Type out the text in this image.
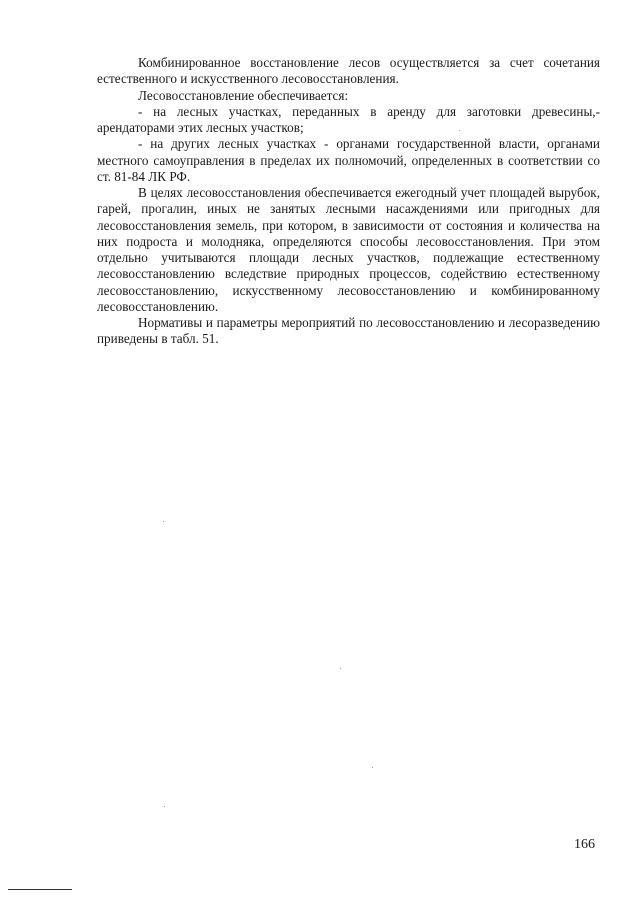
Комбинированное восстановление лесов осуществляется за счет сочетания естественного и искусственного лесовосстановления.

Лесовосстановление обеспечивается:

- на лесных участках, переданных в аренду для заготовки древесины,- арендаторами этих лесных участков;

- на других лесных участках - органами государственной власти, органами местного самоуправления в пределах их полномочий, определенных в соответствии со ст. 81-84 ЛК РФ.

В целях лесовосстановления обеспечивается ежегодный учет площадей вырубок, гарей, прогалин, иных не занятых лесными насаждениями или пригодных для лесовосстановления земель, при котором, в зависимости от состояния и количества на них подроста и молодняка, определяются способы лесовосстановления. При этом отдельно учитываются площади лесных участков, подлежащие естественному лесовосстановлению вследствие природных процессов, содействию естественному лесовосстановлению, искусственному лесовосстановлению и комбинированному лесовосстановлению.

Нормативы и параметры мероприятий по лесовосстановлению и лесоразведению приведены в табл. 51.

166
